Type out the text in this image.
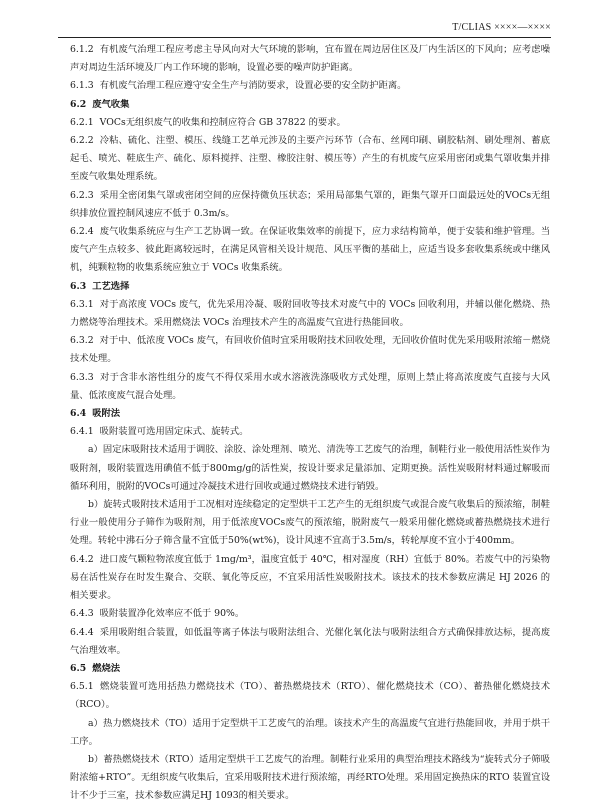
T/CLIAS ××××—××××

6.1.2 有机废气治理工程应考虑主导风向对大气环境的影响，宜布置在周边居住区及厂内生活区的下风向；应考虑噪声对周边生活环境及厂内工作环境的影响，设置必要的噪声防护距离。

6.1.3 有机废气治理工程应遵守安全生产与消防要求，设置必要的安全防护距离。

6.2 废气收集

6.2.1 VOCs无组织废气的收集和控制应符合 GB 37822 的要求。

6.2.2 冷粘、硫化、注塑、模压、线缝工艺单元涉及的主要产污环节（合布、丝网印刷、刷胶粘剂、刷处理剂、蓄底起毛、喷光、鞋底生产、硫化、原料搅拌、注塑、橡胶注射、模压等）产生的有机废气应采用密闭或集气罩收集并排至废气收集处理系统。

6.2.3 采用全密闭集气罩或密闭空间的应保持微负压状态；采用局部集气罩的，距集气罩开口面最远处的VOCs无组织排放位置控制风速应不低于 0.3m/s。

6.2.4 废气收集系统应与生产工艺协调一致。在保证收集效率的前提下，应力求结构简单，便于安装和维护管理。当废气产生点较多、彼此距离较远时，在满足风管相关设计规范、风压平衡的基础上，应适当设多套收集系统或中继风机，纯颗粒物的收集系统应独立于 VOCs 收集系统。

6.3 工艺选择

6.3.1 对于高浓度 VOCs 废气，优先采用冷凝、吸附回收等技术对废气中的 VOCs 回收利用，并辅以催化燃烧、热力燃烧等治理技术。采用燃烧法 VOCs 治理技术产生的高温废气宜进行热能回收。

6.3.2 对于中、低浓度 VOCs 废气，有回收价值时宜采用吸附技术回收处理，无回收价值时优先采用吸附浓缩－燃烧技术处理。

6.3.3 对于含非水溶性组分的废气不得仅采用水或水溶液洗涤吸收方式处理，原则上禁止将高浓度废气直接与大风量、低浓度废气混合处理。

6.4 吸附法

6.4.1 吸附装置可选用固定床式、旋转式。

a）固定床吸附技术适用于调胶、涂胶、涂处理剂、喷光、清洗等工艺废气的治理，制鞋行业一般使用活性炭作为吸附剂，吸附装置选用碘值不低于800mg/g的活性炭，按设计要求足量添加、定期更换。活性炭吸附材料通过解吸而循环利用，脱附的VOCs可通过冷凝技术进行回收或通过燃烧技术进行销毁。

b）旋转式吸附技术适用于工况相对连续稳定的定型烘干工艺产生的无组织废气或混合废气收集后的预浓缩，制鞋行业一般使用分子筛作为吸附剂，用于低浓度VOCs废气的预浓缩，脱附废气一般采用催化燃烧或蓄热燃烧技术进行处理。转轮中沸石分子筛含量不宜低于50%(wt%)，设计风速不宜高于3.5m/s，转轮厚度不宜小于400mm。

6.4.2 进口废气颗粒物浓度宜低于 1mg/m³，温度宜低于 40℃，相对湿度（RH）宜低于 80%。若废气中的污染物易在活性炭存在时发生聚合、交联、氧化等反应，不宜采用活性炭吸附技术。该技术的技术参数应满足 HJ 2026 的相关要求。

6.4.3 吸附装置净化效率应不低于 90%。

6.4.4 采用吸附组合装置，如低温等离子体法与吸附法组合、光催化氧化法与吸附法组合方式确保排放达标，提高废气治理效率。

6.5 燃烧法

6.5.1 燃烧装置可选用括热力燃烧技术（TO）、蓄热燃烧技术（RTO）、催化燃烧技术（CO）、蓄热催化燃烧技术（RCO）。

a）热力燃烧技术（TO）适用于定型烘干工艺废气的治理。该技术产生的高温废气宜进行热能回收，并用于烘干工序。

b）蓄热燃烧技术（RTO）适用定型烘干工艺废气的治理。制鞋行业采用的典型治理技术路线为“旋转式分子筛吸附浓缩+RTO”。无组织废气收集后，宜采用吸附技术进行预浓缩，再经RTO处理。采用固定换热床的RTO 装置宜设计不少于三室，技术参数应满足HJ 1093的相关要求。
